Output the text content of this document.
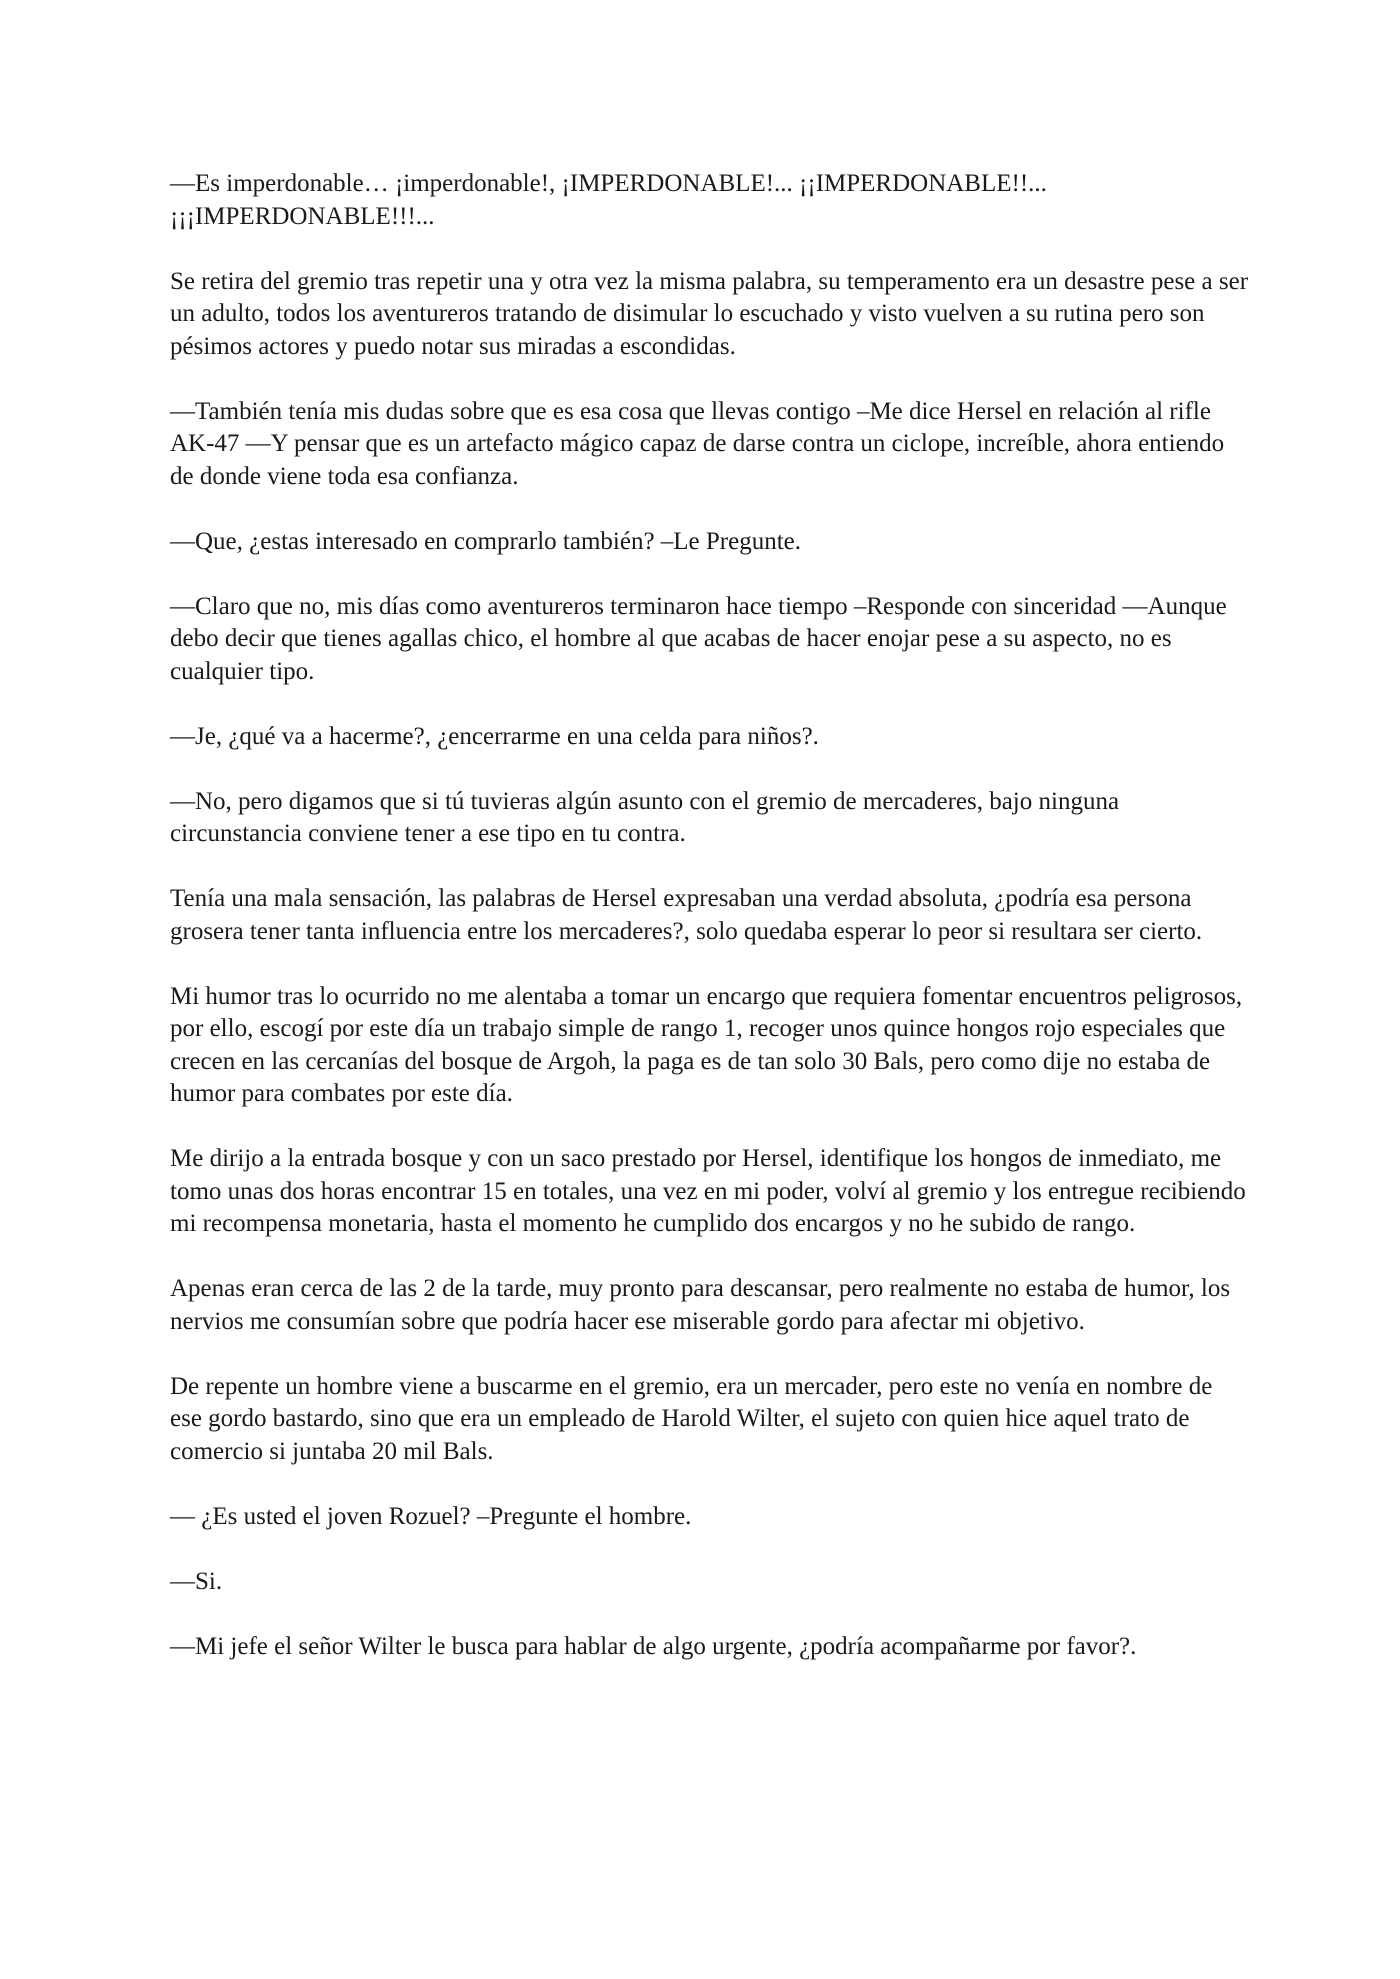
—Es imperdonable… ¡imperdonable!, ¡IMPERDONABLE!... ¡¡IMPERDONABLE!!... ¡¡¡IMPERDONABLE!!!...

Se retira del gremio tras repetir una y otra vez la misma palabra, su temperamento era un desastre pese a ser un adulto, todos los aventureros tratando de disimular lo escuchado y visto vuelven a su rutina pero son pésimos actores y puedo notar sus miradas a escondidas.

—También tenía mis dudas sobre que es esa cosa que llevas contigo –Me dice Hersel en relación al rifle AK-47 —Y pensar que es un artefacto mágico capaz de darse contra un ciclope, increíble, ahora entiendo de donde viene toda esa confianza.

—Que, ¿estas interesado en comprarlo también? –Le Pregunte.

—Claro que no, mis días como aventureros terminaron hace tiempo –Responde con sinceridad —Aunque debo decir que tienes agallas chico, el hombre al que acabas de hacer enojar pese a su aspecto, no es cualquier tipo.

—Je, ¿qué va a hacerme?, ¿encerrarme en una celda para niños?.

—No, pero digamos que si tú tuvieras algún asunto con el gremio de mercaderes, bajo ninguna circunstancia conviene tener a ese tipo en tu contra.

Tenía una mala sensación, las palabras de Hersel expresaban una verdad absoluta, ¿podría esa persona grosera tener tanta influencia entre los mercaderes?, solo quedaba esperar lo peor si resultara ser cierto.

Mi humor tras lo ocurrido no me alentaba a tomar un encargo que requiera fomentar encuentros peligrosos, por ello, escogí por este día un trabajo simple de rango 1, recoger unos quince hongos rojo especiales que crecen en las cercanías del bosque de Argoh, la paga es de tan solo 30 Bals, pero como dije no estaba de humor para combates por este día.

Me dirijo a la entrada bosque y con un saco prestado por Hersel, identifique los hongos de inmediato, me tomo unas dos horas encontrar 15 en totales, una vez en mi poder, volví al gremio y los entregue recibiendo mi recompensa monetaria, hasta el momento he cumplido dos encargos y no he subido de rango.

Apenas eran cerca de las 2 de la tarde, muy pronto para descansar, pero realmente no estaba de humor, los nervios me consumían sobre que podría hacer ese miserable gordo para afectar mi objetivo.

De repente un hombre viene a buscarme en el gremio, era un mercader, pero este no venía en nombre de ese gordo bastardo, sino que era un empleado de Harold Wilter, el sujeto con quien hice aquel trato de comercio si juntaba 20 mil Bals.

— ¿Es usted el joven Rozuel? –Pregunte el hombre.

—Si.

—Mi jefe el señor Wilter le busca para hablar de algo urgente, ¿podría acompañarme por favor?.
